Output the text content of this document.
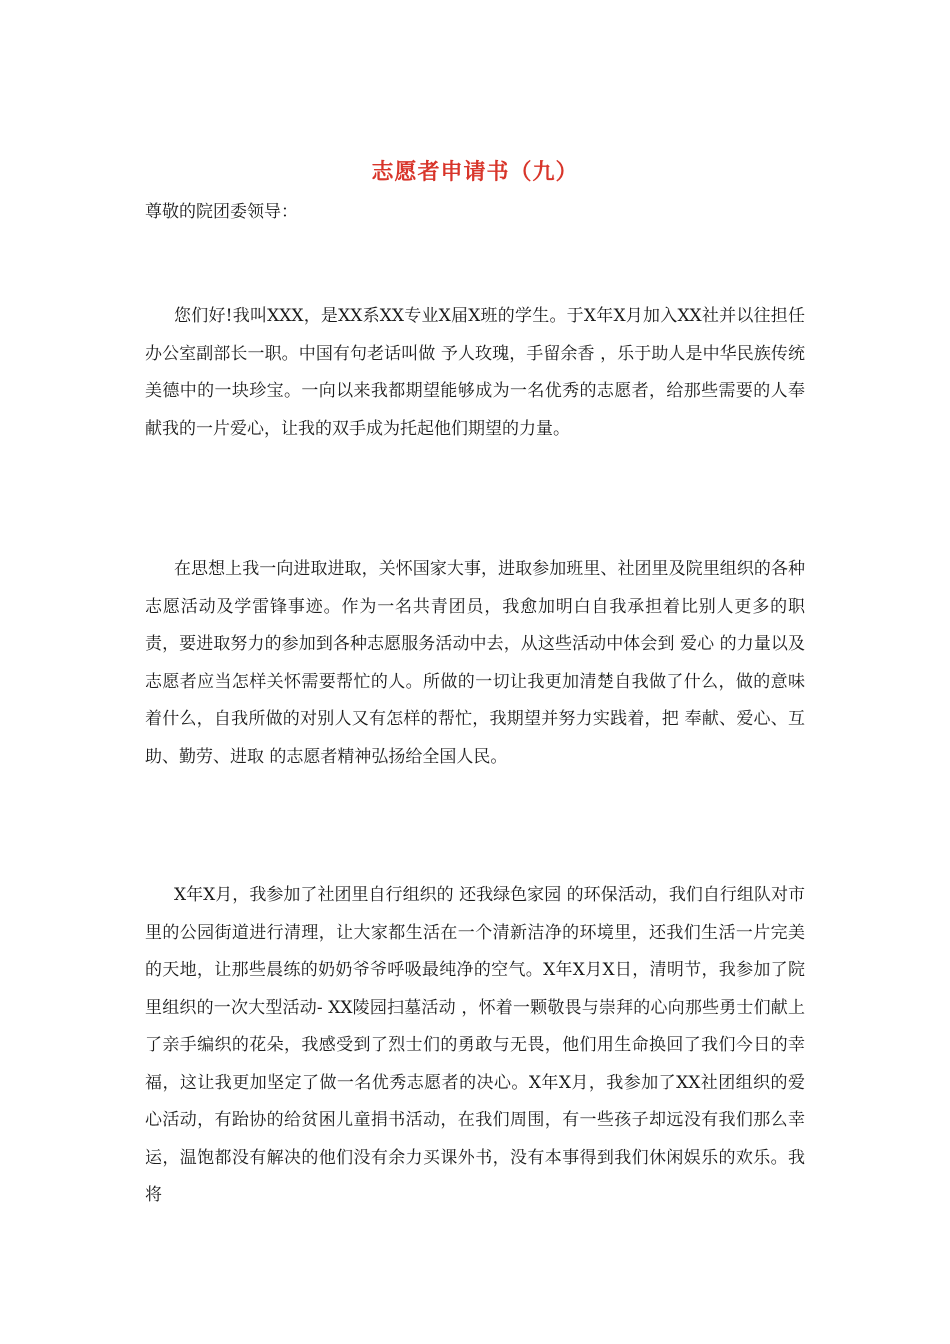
志愿者申请书（九）
尊敬的院团委领导：

您们好!我叫XXX，是XX系XX专业X届X班的学生。于X年X月加入XX社并以往担任办公室副部长一职。中国有句老话叫做 予人玫瑰，手留余香 ，乐于助人是中华民族传统美德中的一块珍宝。一向以来我都期望能够成为一名优秀的志愿者，给那些需要的人奉献我的一片爱心，让我的双手成为托起他们期望的力量。

在思想上我一向进取进取，关怀国家大事，进取参加班里、社团里及院里组织的各种志愿活动及学雷锋事迹。作为一名共青团员，我愈加明白自我承担着比别人更多的职责，要进取努力的参加到各种志愿服务活动中去，从这些活动中体会到 爱心 的力量以及志愿者应当怎样关怀需要帮忙的人。所做的一切让我更加清楚自我做了什么，做的意味着什么，自我所做的对别人又有怎样的帮忙，我期望并努力实践着，把 奉献、爱心、互助、勤劳、进取 的志愿者精神弘扬给全国人民。

X年X月，我参加了社团里自行组织的 还我绿色家园 的环保活动，我们自行组队对市里的公园街道进行清理，让大家都生活在一个清新洁净的环境里，还我们生活一片完美的天地，让那些晨练的奶奶爷爷呼吸最纯净的空气。X年X月X日，清明节，我参加了院里组织的一次大型活动- XX陵园扫墓活动 ，怀着一颗敬畏与崇拜的心向那些勇士们献上了亲手编织的花朵，我感受到了烈士们的勇敢与无畏，他们用生命换回了我们今日的幸福，这让我更加坚定了做一名优秀志愿者的决心。X年X月，我参加了XX社团组织的爱心活动，有跆协的给贫困儿童捐书活动，在我们周围，有一些孩子却远没有我们那么幸运，温饱都没有解决的他们没有余力买课外书，没有本事得到我们休闲娱乐的欢乐。我将
